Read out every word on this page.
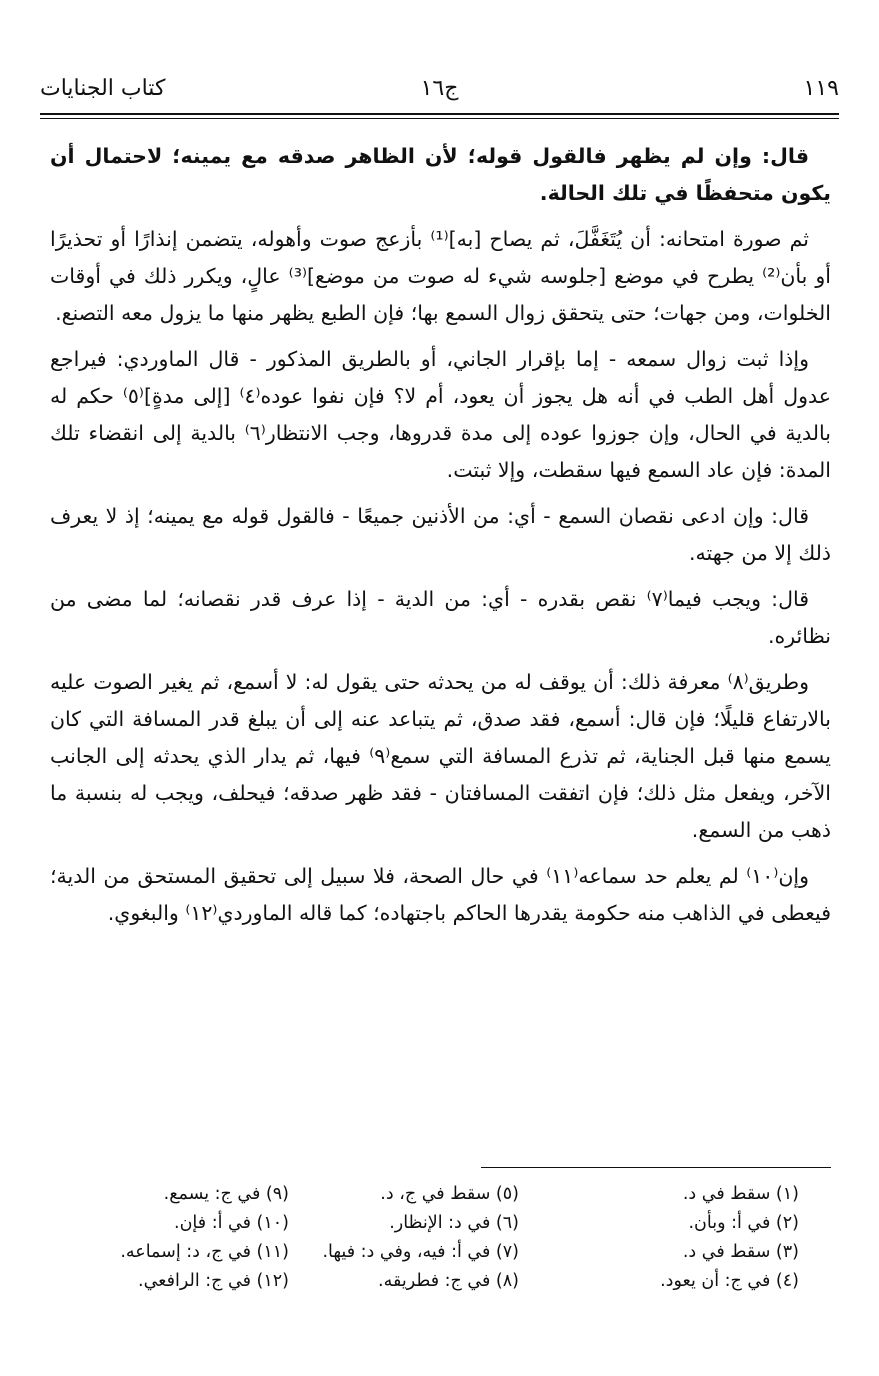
١١٩
ج١٦
كتاب الجنايات

قال: وإن لم يظهر فالقول قوله؛ لأن الظاهر صدقه مع يمينه؛ لاحتمال أن يكون متحفظًا في تلك الحالة.

ثم صورة امتحانه: أن يُتَغَفَّلَ، ثم يصاح [به]⁽¹⁾ بأزعج صوت وأهوله، يتضمن إنذارًا أو تحذيرًا أو بأن⁽²⁾ يطرح في موضع [جلوسه شيء له صوت من موضع]⁽³⁾ عالٍ، ويكرر ذلك في أوقات الخلوات، ومن جهات؛ حتى يتحقق زوال السمع بها؛ فإن الطبع يظهر منها ما يزول معه التصنع.

وإذا ثبت زوال سمعه - إما بإقرار الجاني، أو بالطريق المذكور - قال الماوردي: فيراجع عدول أهل الطب في أنه هل يجوز أن يعود، أم لا؟ فإن نفوا عوده⁽٤⁾ [إلى مدةٍ]⁽٥⁾ حكم له بالدية في الحال، وإن جوزوا عوده إلى مدة قدروها، وجب الانتظار⁽٦⁾ بالدية إلى انقضاء تلك المدة: فإن عاد السمع فيها سقطت، وإلا ثبتت.

قال: وإن ادعى نقصان السمع - أي: من الأذنين جميعًا - فالقول قوله مع يمينه؛ إذ لا يعرف ذلك إلا من جهته.

قال: ويجب فيما⁽٧⁾ نقص بقدره - أي: من الدية - إذا عرف قدر نقصانه؛ لما مضى من نظائره.

وطريق⁽٨⁾ معرفة ذلك: أن يوقف له من يحدثه حتى يقول له: لا أسمع، ثم يغير الصوت عليه بالارتفاع قليلًا؛ فإن قال: أسمع، فقد صدق، ثم يتباعد عنه إلى أن يبلغ قدر المسافة التي كان يسمع منها قبل الجناية، ثم تذرع المسافة التي سمع⁽٩⁾ فيها، ثم يدار الذي يحدثه إلى الجانب الآخر، ويفعل مثل ذلك؛ فإن اتفقت المسافتان - فقد ظهر صدقه؛ فيحلف، ويجب له بنسبة ما ذهب من السمع.

وإن⁽١٠⁾ لم يعلم حد سماعه⁽١١⁾ في حال الصحة، فلا سبيل إلى تحقيق المستحق من الدية؛ فيعطى في الذاهب منه حكومة يقدرها الحاكم باجتهاده؛ كما قاله الماوردي⁽١٢⁾ والبغوي.

(١) سقط في د.
(٢) في أ: وبأن.
(٣) سقط في د.
(٤) في ج: أن يعود.
(٥) سقط في ج، د.
(٦) في د: الإنظار.
(٧) في أ: فيه، وفي د: فيها.
(٨) في ج: فطريقه.
(٩) في ج: يسمع.
(١٠) في أ: فإن.
(١١) في ج، د: إسماعه.
(١٢) في ج: الرافعي.
